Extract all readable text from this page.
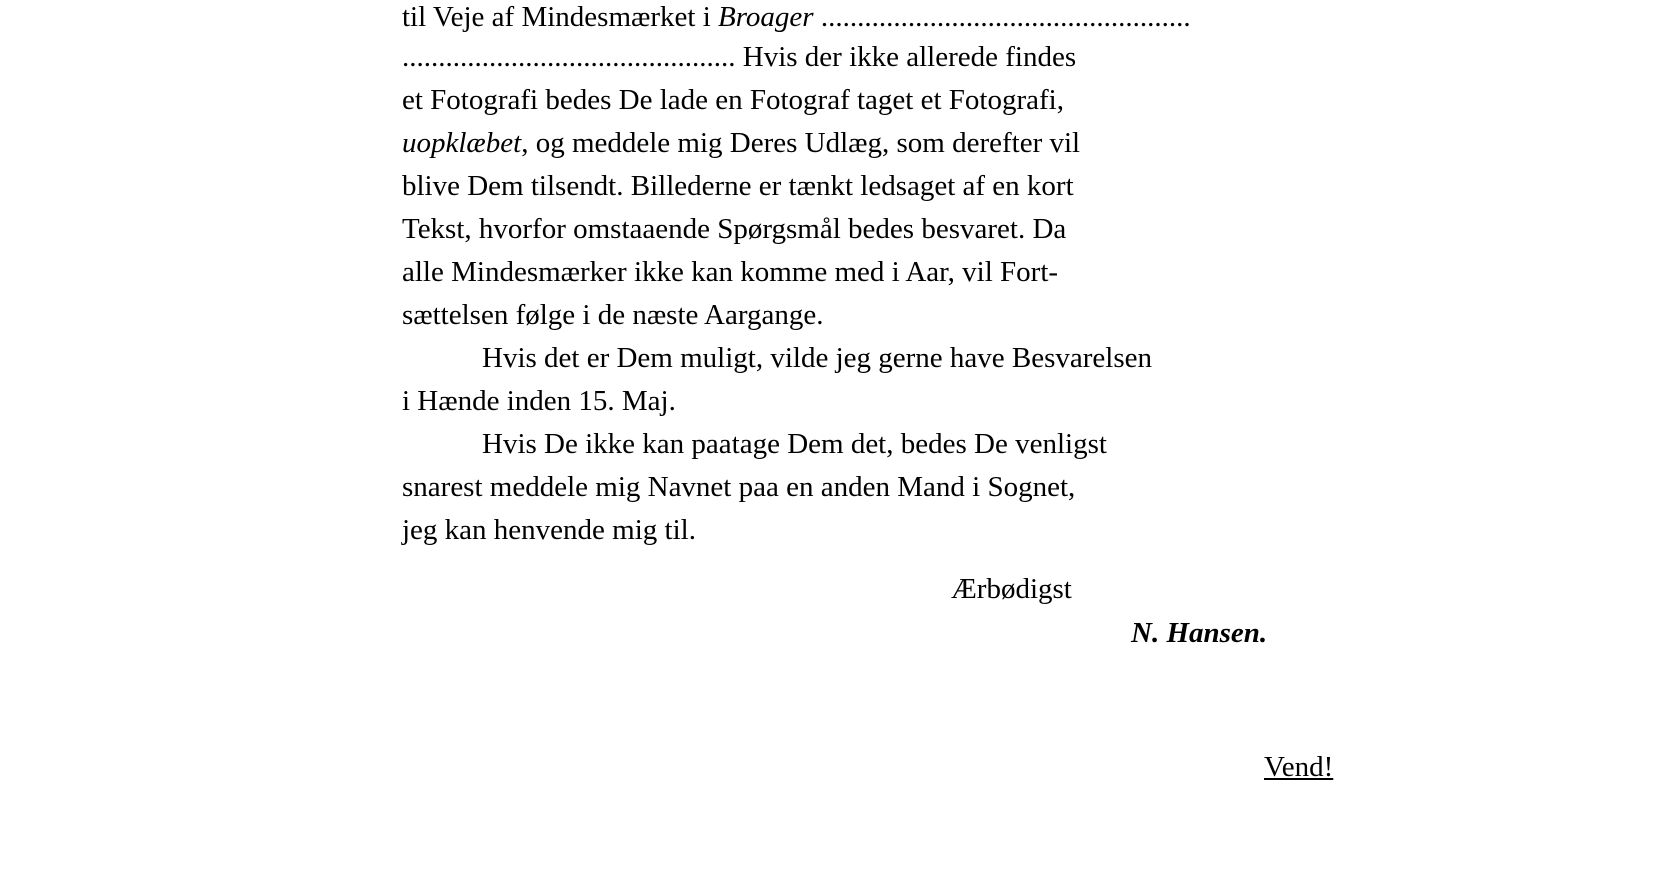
til Veje af Mindesmærket i Broager ...................................................
.............................................. Hvis der ikke allerede findes
et Fotografi bedes De lade en Fotograf taget et Fotografi,
uopklæbet, og meddele mig Deres Udlæg, som derefter vil
blive Dem tilsendt. Billederne er tænkt ledsaget af en kort
Tekst, hvorfor omstaaende Spørgsmål bedes besvaret. Da
alle Mindesmærker ikke kan komme med i Aar, vil Fort-
sættelsen følge i de næste Aargange.
Hvis det er Dem muligt, vilde jeg gerne have Besvarelsen
i Hænde inden 15. Maj.
Hvis De ikke kan paatage Dem det, bedes De venligst
snarest meddele mig Navnet paa en anden Mand i Sognet,
jeg kan henvende mig til.
Ærbødigst
N. Hansen.
Vend!
